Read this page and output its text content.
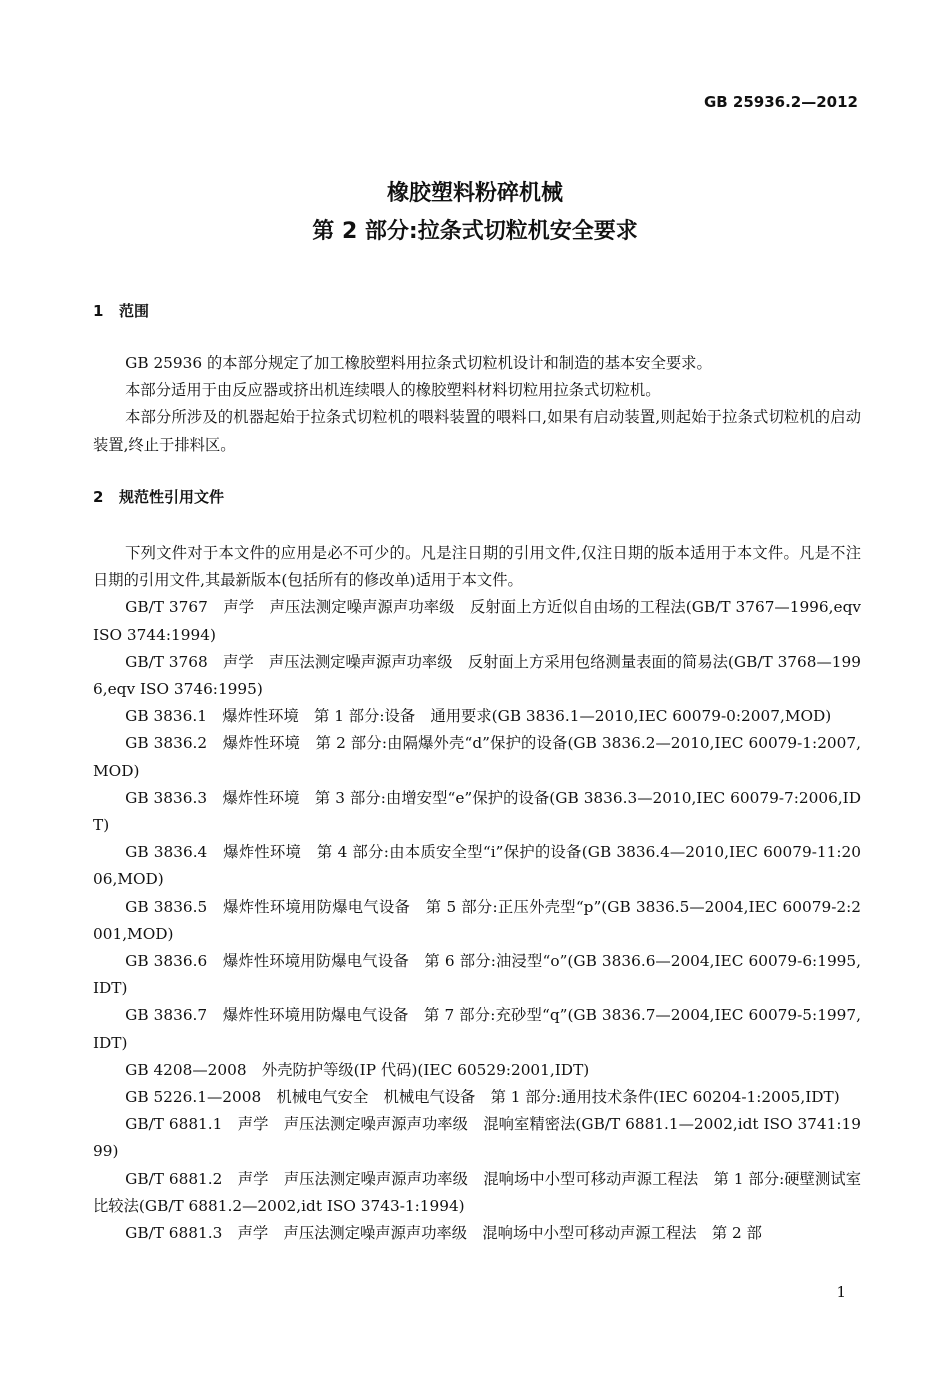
GB 25936.2—2012

橡胶塑料粉碎机械
第 2 部分:拉条式切粒机安全要求
1 范围

GB 25936 的本部分规定了加工橡胶塑料用拉条式切粒机设计和制造的基本安全要求。

本部分适用于由反应器或挤出机连续喂人的橡胶塑料材料切粒用拉条式切粒机。

本部分所涉及的机器起始于拉条式切粒机的喂料装置的喂料口,如果有启动装置,则起始于拉条式切粒机的启动装置,终止于排料区。

2 规范性引用文件

下列文件对于本文件的应用是必不可少的。凡是注日期的引用文件,仅注日期的版本适用于本文件。凡是不注日期的引用文件,其最新版本(包括所有的修改单)适用于本文件。

GB/T 3767　声学　声压法测定噪声源声功率级　反射面上方近似自由场的工程法(GB/T 3767—1996,eqv ISO 3744:1994)

GB/T 3768　声学　声压法测定噪声源声功率级　反射面上方采用包络测量表面的简易法(GB/T 3768—1996,eqv ISO 3746:1995)

GB 3836.1　爆炸性环境　第 1 部分:设备　通用要求(GB 3836.1—2010,IEC 60079-0:2007,MOD)

GB 3836.2　爆炸性环境　第 2 部分:由隔爆外壳“d”保护的设备(GB 3836.2—2010,IEC 60079-1:2007,MOD)

GB 3836.3　爆炸性环境　第 3 部分:由增安型“e”保护的设备(GB 3836.3—2010,IEC 60079-7:2006,IDT)

GB 3836.4　爆炸性环境　第 4 部分:由本质安全型“i”保护的设备(GB 3836.4—2010,IEC 60079-11:2006,MOD)

GB 3836.5　爆炸性环境用防爆电气设备　第 5 部分:正压外壳型“p”(GB 3836.5—2004,IEC 60079-2:2001,MOD)

GB 3836.6　爆炸性环境用防爆电气设备　第 6 部分:油浸型“o”(GB 3836.6—2004,IEC 60079-6:1995,IDT)

GB 3836.7　爆炸性环境用防爆电气设备　第 7 部分:充砂型“q”(GB 3836.7—2004,IEC 60079-5:1997,IDT)

GB 4208—2008　外壳防护等级(IP 代码)(IEC 60529:2001,IDT)

GB 5226.1—2008　机械电气安全　机械电气设备　第 1 部分:通用技术条件(IEC 60204-1:2005,IDT)

GB/T 6881.1　声学　声压法测定噪声源声功率级　混响室精密法(GB/T 6881.1—2002,idt ISO 3741:1999)

GB/T 6881.2　声学　声压法测定噪声源声功率级　混响场中小型可移动声源工程法　第 1 部分:硬壁测试室比较法(GB/T 6881.2—2002,idt ISO 3743-1:1994)

GB/T 6881.3　声学　声压法测定噪声源声功率级　混响场中小型可移动声源工程法　第 2 部

1
